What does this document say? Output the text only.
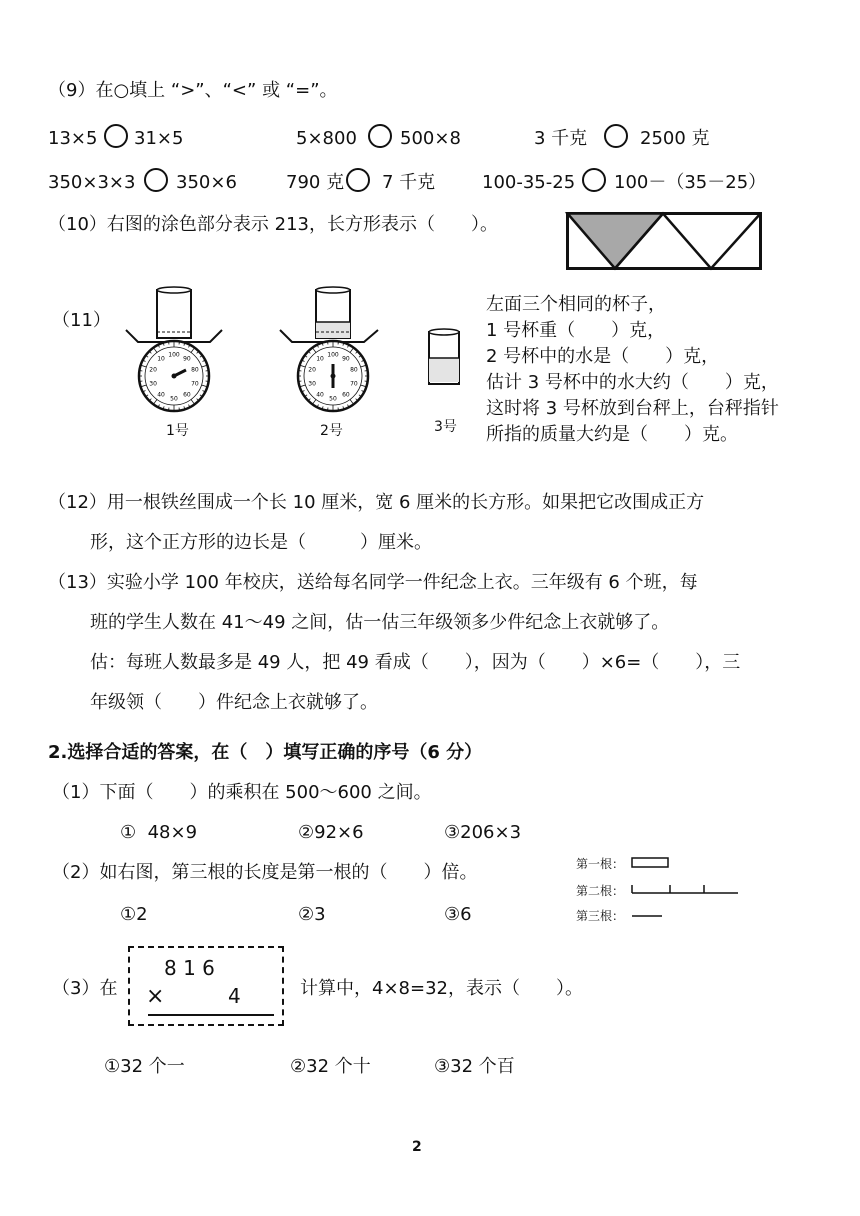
（9）在○填上 “>”、“<” 或 “=”。
13×5 31×5	5×800 500×8	3 千克	2500 克
350×3×3 350×6	790 克 7 千克	100-35-25 100－（35－25）
（10）右图的涂色部分表示 213，长方形表示（　　）。
（11）
100
90
80
70
60
50
40
30
20
10
1号
100
90
80
70
60
50
40
30
20
10
2号	3号
左面三个相同的杯子，
1 号杯重（　　）克，
2 号杯中的水是（　　）克，
估计 3 号杯中的水大约（　　）克，
这时将 3 号杯放到台秤上，台秤指针
所指的质量大约是（　　）克。
（12）用一根铁丝围成一个长 10 厘米，宽 6 厘米的长方形。如果把它改围成正方
形，这个正方形的边长是（　　　）厘米。
（13）实验小学 100 年校庆，送给每名同学一件纪念上衣。三年级有 6 个班，每
班的学生人数在 41～49 之间，估一估三年级领多少件纪念上衣就够了。
估：每班人数最多是 49 人，把 49 看成（　　），因为（　　）×6=（　　），三
年级领（　　）件纪念上衣就够了。
2.选择合适的答案，在（　）填写正确的序号（6 分）
（1）下面（　　）的乘积在 500～600 之间。
①  48×9	②92×6	③206×3
（2）如右图，第三根的长度是第一根的（　　）倍。
①2	②3	③6
第一根：
第二根：
第三根：
（3）在
8 1 6
×	4	计算中，4×8=32，表示（　　）。
①32 个一	②32 个十	③32 个百
2
